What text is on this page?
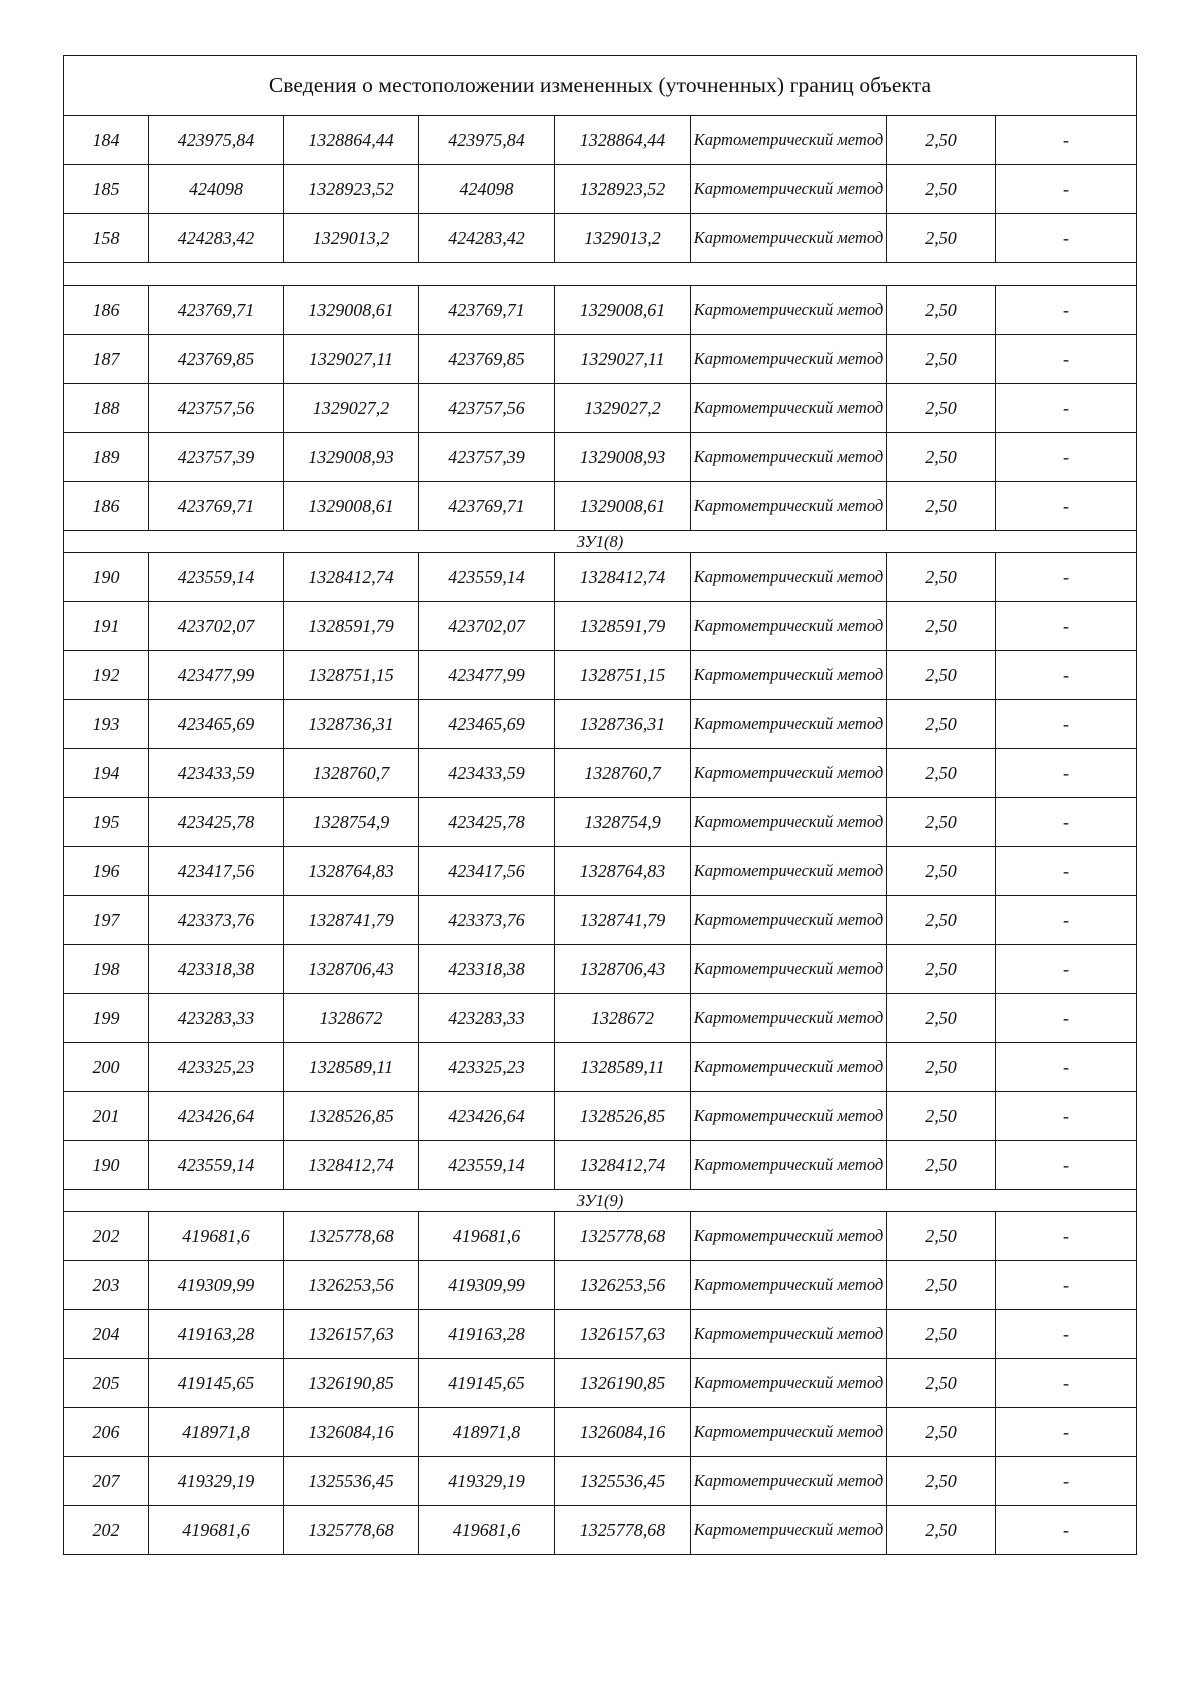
Сведения о местоположении измененных (уточненных) границ объекта							
184	423975,84	1328864,44	423975,84	1328864,44	Картометрический метод	2,50	-
185	424098	1328923,52	424098	1328923,52	Картометрический метод	2,50	-
158	424283,42	1329013,2	424283,42	1329013,2	Картометрический метод	2,50	-

186	423769,71	1329008,61	423769,71	1329008,61	Картометрический метод	2,50	-
187	423769,85	1329027,11	423769,85	1329027,11	Картометрический метод	2,50	-
188	423757,56	1329027,2	423757,56	1329027,2	Картометрический метод	2,50	-
189	423757,39	1329008,93	423757,39	1329008,93	Картометрический метод	2,50	-
186	423769,71	1329008,61	423769,71	1329008,61	Картометрический метод	2,50	-
ЗУ1(8)							
190	423559,14	1328412,74	423559,14	1328412,74	Картометрический метод	2,50	-
191	423702,07	1328591,79	423702,07	1328591,79	Картометрический метод	2,50	-
192	423477,99	1328751,15	423477,99	1328751,15	Картометрический метод	2,50	-
193	423465,69	1328736,31	423465,69	1328736,31	Картометрический метод	2,50	-
194	423433,59	1328760,7	423433,59	1328760,7	Картометрический метод	2,50	-
195	423425,78	1328754,9	423425,78	1328754,9	Картометрический метод	2,50	-
196	423417,56	1328764,83	423417,56	1328764,83	Картометрический метод	2,50	-
197	423373,76	1328741,79	423373,76	1328741,79	Картометрический метод	2,50	-
198	423318,38	1328706,43	423318,38	1328706,43	Картометрический метод	2,50	-
199	423283,33	1328672	423283,33	1328672	Картометрический метод	2,50	-
200	423325,23	1328589,11	423325,23	1328589,11	Картометрический метод	2,50	-
201	423426,64	1328526,85	423426,64	1328526,85	Картометрический метод	2,50	-
190	423559,14	1328412,74	423559,14	1328412,74	Картометрический метод	2,50	-
ЗУ1(9)							
202	419681,6	1325778,68	419681,6	1325778,68	Картометрический метод	2,50	-
203	419309,99	1326253,56	419309,99	1326253,56	Картометрический метод	2,50	-
204	419163,28	1326157,63	419163,28	1326157,63	Картометрический метод	2,50	-
205	419145,65	1326190,85	419145,65	1326190,85	Картометрический метод	2,50	-
206	418971,8	1326084,16	418971,8	1326084,16	Картометрический метод	2,50	-
207	419329,19	1325536,45	419329,19	1325536,45	Картометрический метод	2,50	-
202	419681,6	1325778,68	419681,6	1325778,68	Картометрический метод	2,50	-
